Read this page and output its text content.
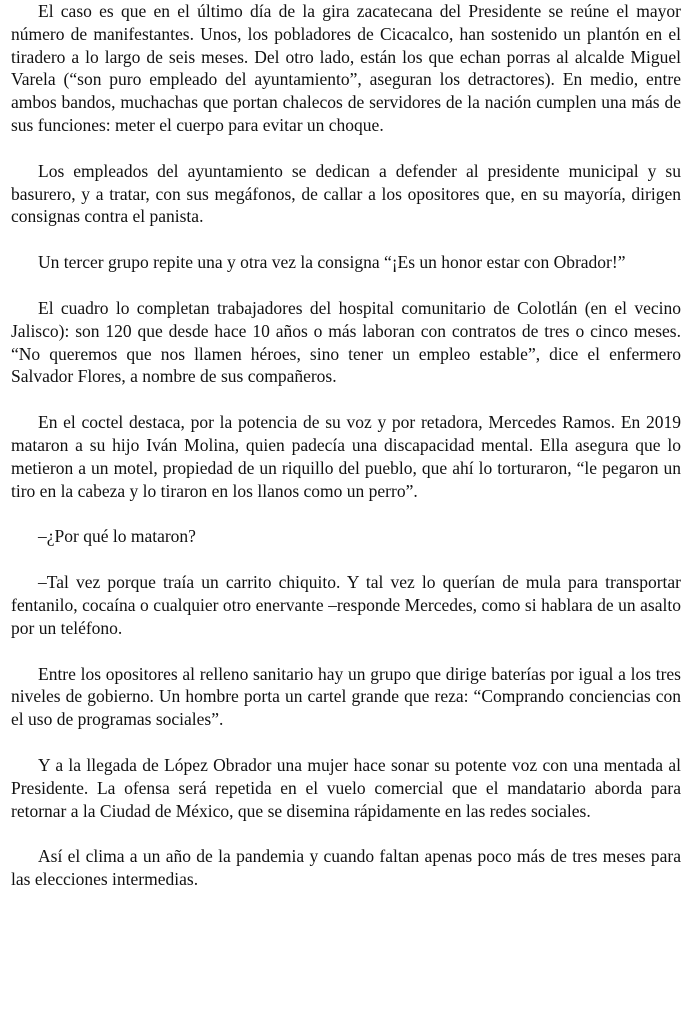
El caso es que en el último día de la gira zacatecana del Presidente se reúne el mayor número de manifestantes. Unos, los pobladores de Cicacalco, han sostenido un plantón en el tiradero a lo largo de seis meses. Del otro lado, están los que echan porras al alcalde Miguel Varela (“son puro empleado del ayuntamiento”, aseguran los detractores). En medio, entre ambos bandos, muchachas que portan chalecos de servidores de la nación cumplen una más de sus funciones: meter el cuerpo para evitar un choque.

Los empleados del ayuntamiento se dedican a defender al presidente municipal y su basurero, y a tratar, con sus megáfonos, de callar a los opositores que, en su mayoría, dirigen consignas contra el panista.

Un tercer grupo repite una y otra vez la consigna “¡Es un honor estar con Obrador!”

El cuadro lo completan trabajadores del hospital comunitario de Colotlán (en el vecino Jalisco): son 120 que desde hace 10 años o más laboran con contratos de tres o cinco meses. “No queremos que nos llamen héroes, sino tener un empleo estable”, dice el enfermero Salvador Flores, a nombre de sus compañeros.

En el coctel destaca, por la potencia de su voz y por retadora, Mercedes Ramos. En 2019 mataron a su hijo Iván Molina, quien padecía una discapacidad mental. Ella asegura que lo metieron a un motel, propiedad de un riquillo del pueblo, que ahí lo torturaron, “le pegaron un tiro en la cabeza y lo tiraron en los llanos como un perro”.

–¿Por qué lo mataron?

–Tal vez porque traía un carrito chiquito. Y tal vez lo querían de mula para transportar fentanilo, cocaína o cualquier otro enervante –responde Mercedes, como si hablara de un asalto por un teléfono.

Entre los opositores al relleno sanitario hay un grupo que dirige baterías por igual a los tres niveles de gobierno. Un hombre porta un cartel grande que reza: “Comprando conciencias con el uso de programas sociales”.

Y a la llegada de López Obrador una mujer hace sonar su potente voz con una mentada al Presidente. La ofensa será repetida en el vuelo comercial que el mandatario aborda para retornar a la Ciudad de México, que se disemina rápidamente en las redes sociales.

Así el clima a un año de la pandemia y cuando faltan apenas poco más de tres meses para las elecciones intermedias.
